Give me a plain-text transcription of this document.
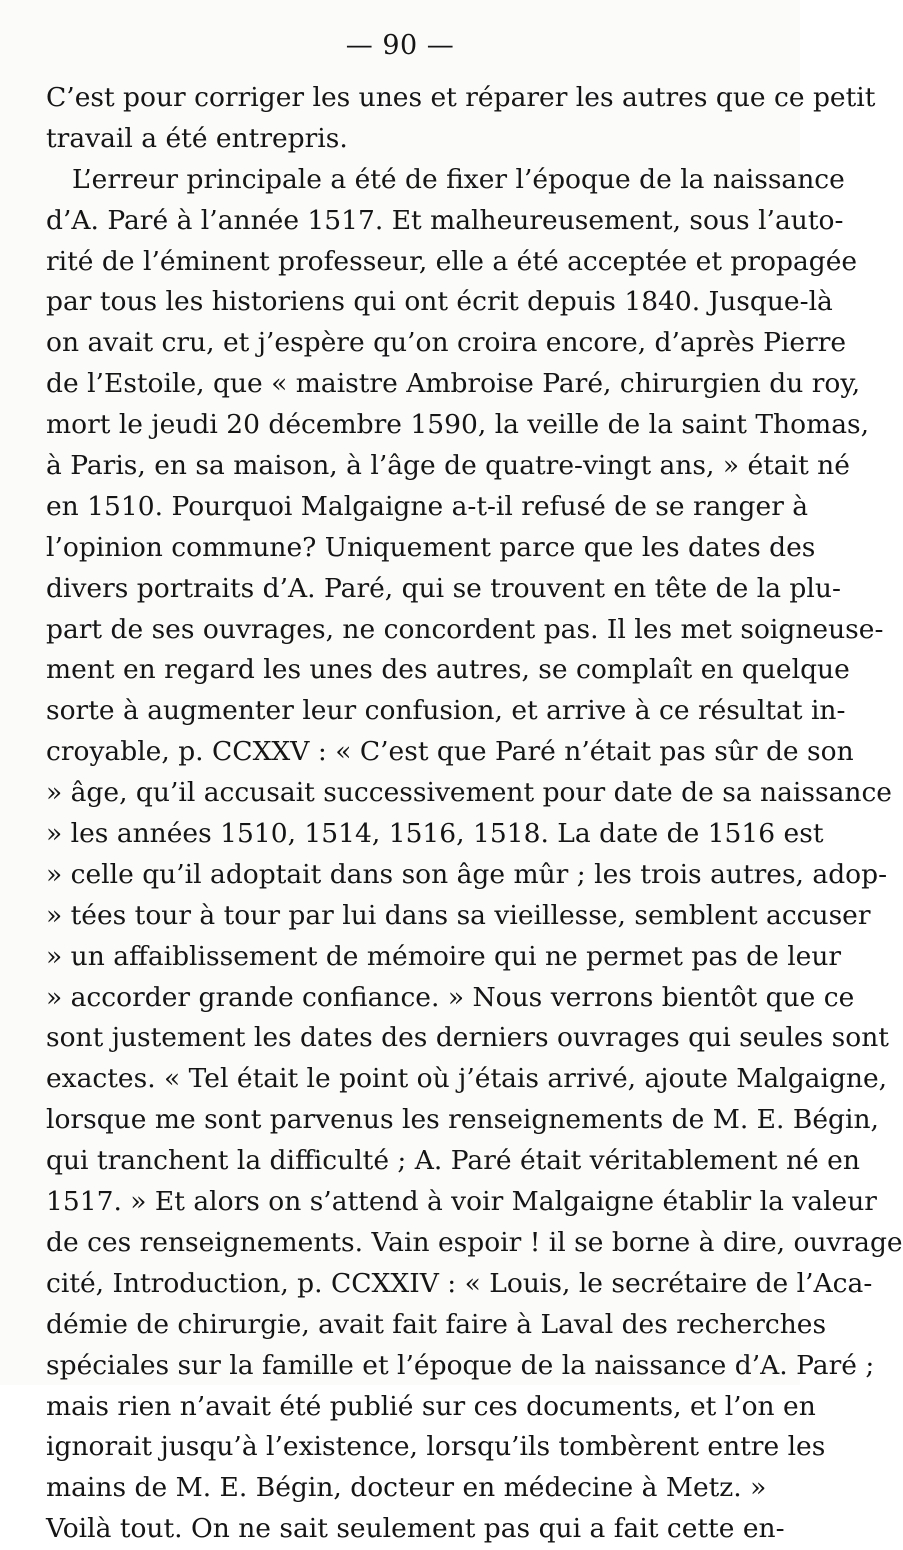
— 90 —
C’est pour corriger les unes et réparer les autres que ce petit
travail a été entrepris.
L’erreur principale a été de fixer l’époque de la naissance
d’A. Paré à l’année 1517. Et malheureusement, sous l’auto-
rité de l’éminent professeur, elle a été acceptée et propagée
par tous les historiens qui ont écrit depuis 1840. Jusque-là
on avait cru, et j’espère qu’on croira encore, d’après Pierre
de l’Estoile, que « maistre Ambroise Paré, chirurgien du roy,
mort le jeudi 20 décembre 1590, la veille de la saint Thomas,
à Paris, en sa maison, à l’âge de quatre-vingt ans, » était né
en 1510. Pourquoi Malgaigne a-t-il refusé de se ranger à
l’opinion commune? Uniquement parce que les dates des
divers portraits d’A. Paré, qui se trouvent en tête de la plu-
part de ses ouvrages, ne concordent pas. Il les met soigneuse-
ment en regard les unes des autres, se complaît en quelque
sorte à augmenter leur confusion, et arrive à ce résultat in-
croyable, p. CCXXV : « C’est que Paré n’était pas sûr de son
» âge, qu’il accusait successivement pour date de sa naissance
» les années 1510, 1514, 1516, 1518. La date de 1516 est
» celle qu’il adoptait dans son âge mûr ; les trois autres, adop-
» tées tour à tour par lui dans sa vieillesse, semblent accuser
» un affaiblissement de mémoire qui ne permet pas de leur
» accorder grande confiance. » Nous verrons bientôt que ce
sont justement les dates des derniers ouvrages qui seules sont
exactes. « Tel était le point où j’étais arrivé, ajoute Malgaigne,
lorsque me sont parvenus les renseignements de M. E. Bégin,
qui tranchent la difficulté ; A. Paré était véritablement né en
1517. » Et alors on s’attend à voir Malgaigne établir la valeur
de ces renseignements. Vain espoir ! il se borne à dire, ouvrage
cité, Introduction, p. CCXXIV : « Louis, le secrétaire de l’Aca-
démie de chirurgie, avait fait faire à Laval des recherches
spéciales sur la famille et l’époque de la naissance d’A. Paré ;
mais rien n’avait été publié sur ces documents, et l’on en
ignorait jusqu’à l’existence, lorsqu’ils tombèrent entre les
mains de M. E. Bégin, docteur en médecine à Metz. »
Voilà tout. On ne sait seulement pas qui a fait cette en-
